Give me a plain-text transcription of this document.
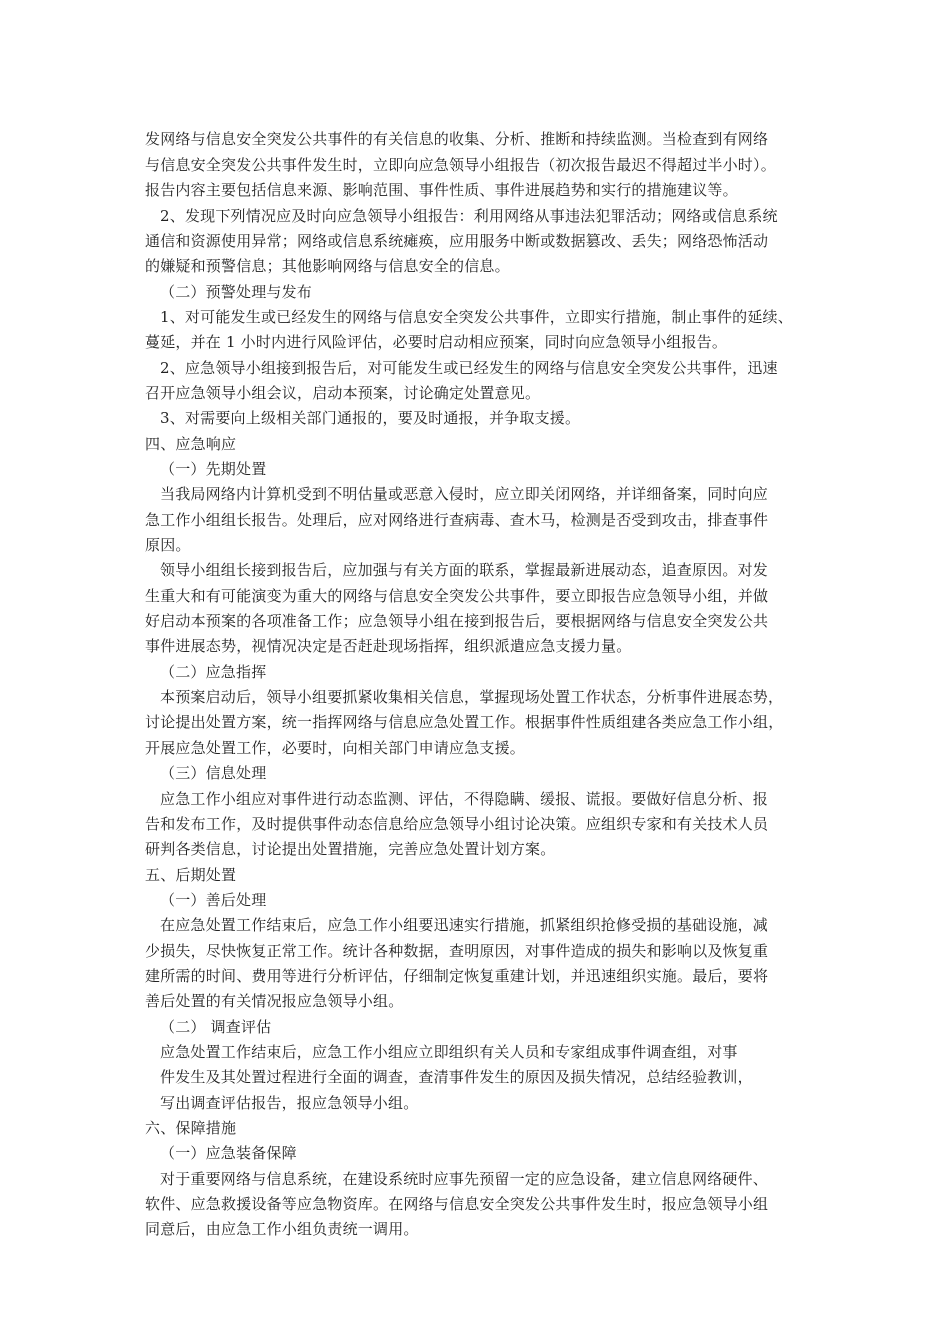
发网络与信息安全突发公共事件的有关信息的收集、分析、推断和持续监测。当检查到有网络
与信息安全突发公共事件发生时，立即向应急领导小组报告（初次报告最迟不得超过半小时）。
报告内容主要包括信息来源、影响范围、事件性质、事件进展趋势和实行的措施建议等。
2、发现下列情况应及时向应急领导小组报告：利用网络从事违法犯罪活动；网络或信息系统
通信和资源使用异常；网络或信息系统瘫痪，应用服务中断或数据篡改、丢失；网络恐怖活动
的嫌疑和预警信息；其他影响网络与信息安全的信息。
（二）预警处理与发布
1、对可能发生或已经发生的网络与信息安全突发公共事件，立即实行措施，制止事件的延续、
蔓延，并在 1 小时内进行风险评估，必要时启动相应预案，同时向应急领导小组报告。
2、应急领导小组接到报告后，对可能发生或已经发生的网络与信息安全突发公共事件，迅速
召开应急领导小组会议，启动本预案，讨论确定处置意见。
3、对需要向上级相关部门通报的，要及时通报，并争取支援。
四、应急响应
（一）先期处置
当我局网络内计算机受到不明估量或恶意入侵时，应立即关闭网络，并详细备案，同时向应
急工作小组组长报告。处理后，应对网络进行查病毒、查木马，检测是否受到攻击，排查事件
原因。
领导小组组长接到报告后，应加强与有关方面的联系，掌握最新进展动态，追查原因。对发
生重大和有可能演变为重大的网络与信息安全突发公共事件，要立即报告应急领导小组，并做
好启动本预案的各项准备工作；应急领导小组在接到报告后，要根据网络与信息安全突发公共
事件进展态势，视情况决定是否赶赴现场指挥，组织派遣应急支援力量。
（二）应急指挥
本预案启动后，领导小组要抓紧收集相关信息，掌握现场处置工作状态，分析事件进展态势，
讨论提出处置方案，统一指挥网络与信息应急处置工作。根据事件性质组建各类应急工作小组，
开展应急处置工作，必要时，向相关部门申请应急支援。
（三）信息处理
应急工作小组应对事件进行动态监测、评估，不得隐瞒、缓报、谎报。要做好信息分析、报
告和发布工作，及时提供事件动态信息给应急领导小组讨论决策。应组织专家和有关技术人员
研判各类信息，讨论提出处置措施，完善应急处置计划方案。
五、后期处置
（一）善后处理
在应急处置工作结束后，应急工作小组要迅速实行措施，抓紧组织抢修受损的基础设施，减
少损失，尽快恢复正常工作。统计各种数据，查明原因，对事件造成的损失和影响以及恢复重
建所需的时间、费用等进行分析评估，仔细制定恢复重建计划，并迅速组织实施。最后，要将
善后处置的有关情况报应急领导小组。
（二） 调查评估
应急处置工作结束后，应急工作小组应立即组织有关人员和专家组成事件调查组，对事
件发生及其处置过程进行全面的调查，查清事件发生的原因及损失情况，总结经验教训，
写出调查评估报告，报应急领导小组。
六、保障措施
（一）应急装备保障
对于重要网络与信息系统，在建设系统时应事先预留一定的应急设备，建立信息网络硬件、
软件、应急救援设备等应急物资库。在网络与信息安全突发公共事件发生时，报应急领导小组
同意后，由应急工作小组负责统一调用。
